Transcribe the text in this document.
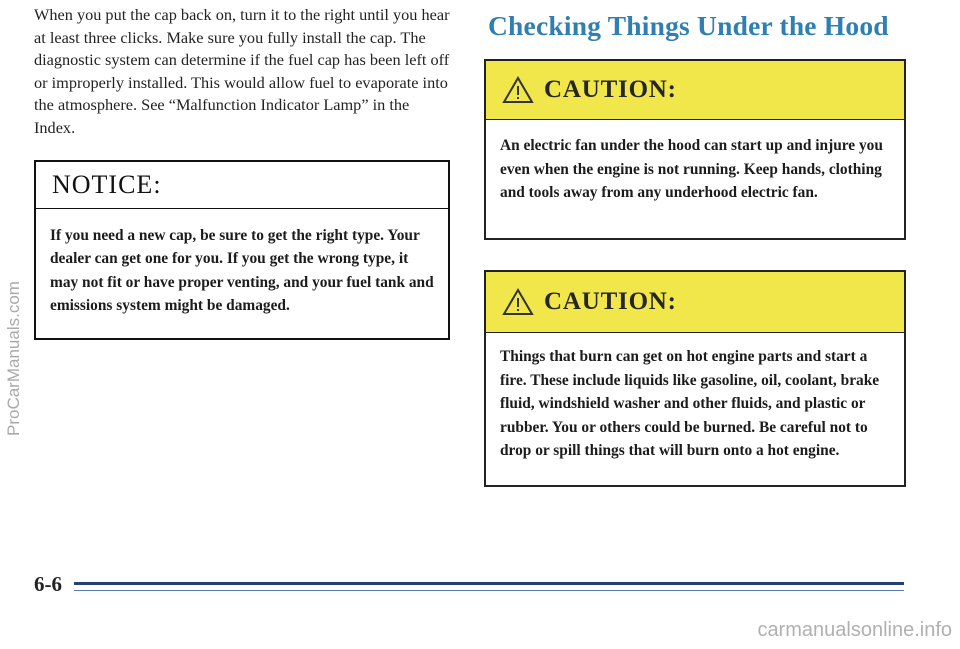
When you put the cap back on, turn it to the right until you hear at least three clicks. Make sure you fully install the cap. The diagnostic system can determine if the fuel cap has been left off or improperly installed. This would allow fuel to evaporate into the atmosphere. See “Malfunction Indicator Lamp” in the Index.
NOTICE:
If you need a new cap, be sure to get the right type. Your dealer can get one for you. If you get the wrong type, it may not fit or have proper venting, and your fuel tank and emissions system might be damaged.
Checking Things Under the Hood
CAUTION:
An electric fan under the hood can start up and injure you even when the engine is not running. Keep hands, clothing and tools away from any underhood electric fan.
CAUTION:
Things that burn can get on hot engine parts and start a fire. These include liquids like gasoline, oil, coolant, brake fluid, windshield washer and other fluids, and plastic or rubber. You or others could be burned. Be careful not to drop or spill things that will burn onto a hot engine.
6-6
ProCarManuals.com
carmanualsonline.info
